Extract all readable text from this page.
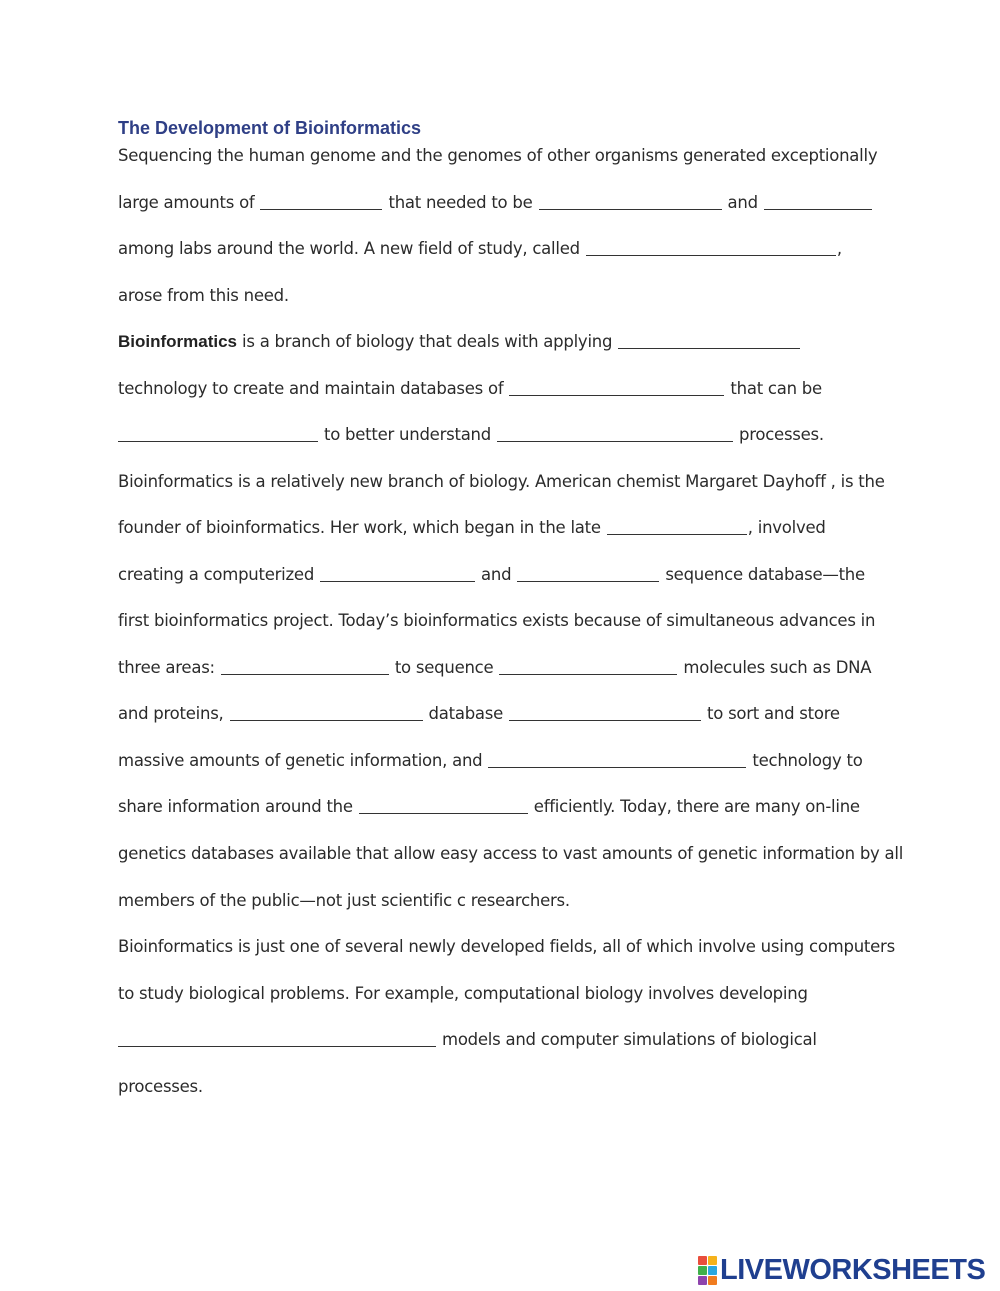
The Development of Bioinformatics
Sequencing the human genome and the genomes of other organisms generated exceptionally
large amounts of	that needed to be	and
among labs around the world. A new field of study, called	,
arose from this need.
Bioinformatics is a branch of biology that deals with applying
technology to create and maintain databases of	that can be
to better understand	processes.
Bioinformatics is a relatively new branch of biology. American chemist Margaret Dayhoff , is the
founder of bioinformatics. Her work, which began in the late	, involved
creating a computerized	and	sequence database—the
first bioinformatics project. Today’s bioinformatics exists because of simultaneous advances in
three areas:	to sequence	molecules such as DNA
and proteins,	database	to sort and store
massive amounts of genetic information, and	technology to
share information around the	efficiently. Today, there are many on-line
genetics databases available that allow easy access to vast amounts of genetic information by all
members of the public—not just scientific c researchers.
Bioinformatics is just one of several newly developed fields, all of which involve using computers
to study biological problems. For example, computational biology involves developing
models and computer simulations of biological
processes.
LIVEWORKSHEETS
